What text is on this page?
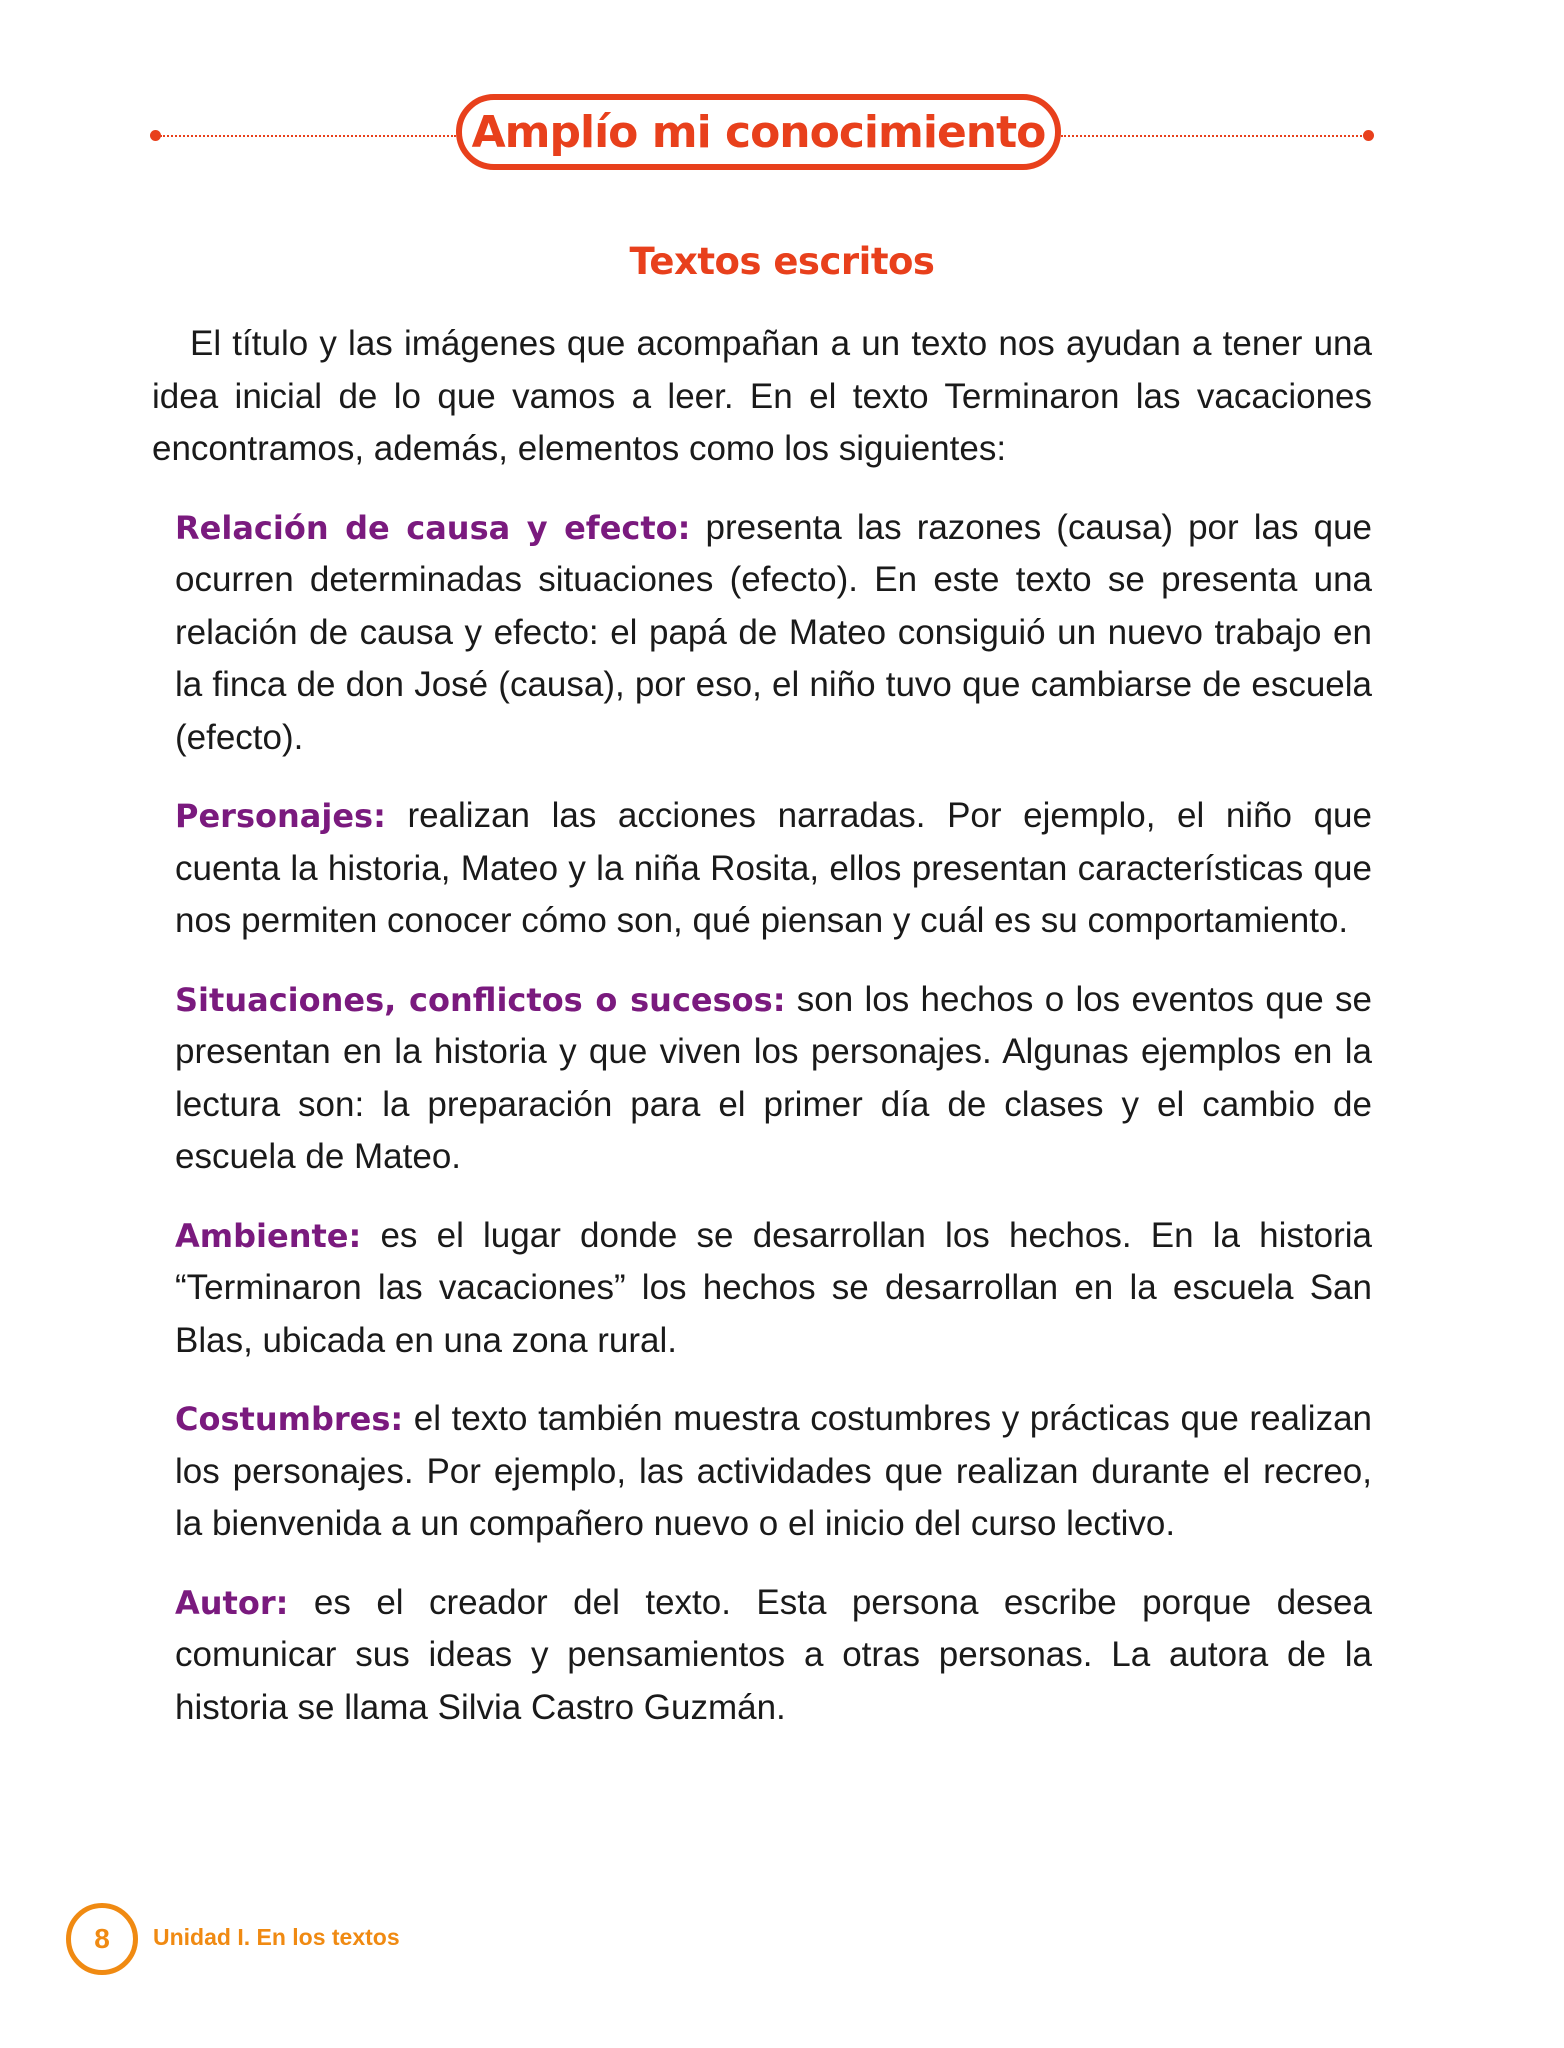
Amplío mi conocimiento
Textos escritos

El título y las imágenes que acompañan a un texto nos ayudan a tener una idea inicial de lo que vamos a leer. En el texto Terminaron las vacaciones encontramos, además, elementos como los siguientes:

Relación de causa y efecto: presenta las razones (causa) por las que ocurren determinadas situaciones (efecto). En este texto se presenta una relación de causa y efecto: el papá de Mateo consiguió un nuevo trabajo en la finca de don José (causa), por eso, el niño tuvo que cambiarse de escuela (efecto).

Personajes: realizan las acciones narradas. Por ejemplo, el niño que cuenta la historia, Mateo y la niña Rosita, ellos presentan características que nos permiten conocer cómo son, qué piensan y cuál es su comportamiento.

Situaciones, conflictos o sucesos: son los hechos o los eventos que se presentan en la historia y que viven los personajes. Algunas ejemplos en la lectura son: la preparación para el primer día de clases y el cambio de escuela de Mateo.

Ambiente: es el lugar donde se desarrollan los hechos. En la historia “Terminaron las vacaciones” los hechos se desarrollan en la escuela San Blas, ubicada en una zona rural.

Costumbres: el texto también muestra costumbres y prácticas que realizan los personajes. Por ejemplo, las actividades que realizan durante el recreo, la bienvenida a un compañero nuevo o el inicio del curso lectivo.

Autor: es el creador del texto. Esta persona escribe porque desea comunicar sus ideas y pensamientos a otras personas. La autora de la historia se llama Silvia Castro Guzmán.

8 Unidad I. En los textos
